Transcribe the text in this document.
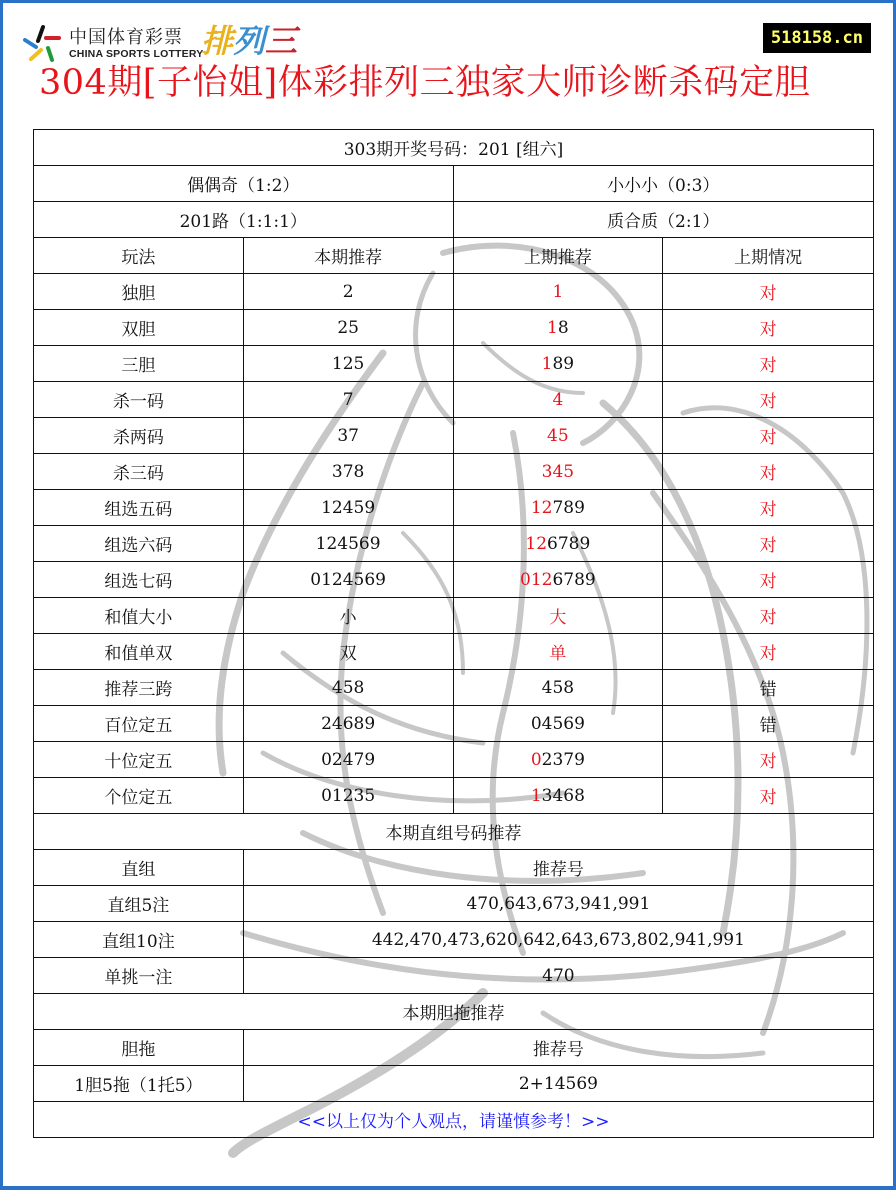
中国体育彩票
CHINA SPORTS LOTTERY
排列三	518158.cn
304期[子怡姐]体彩排列三独家大师诊断杀码定胆
303期开奖号码：201 [组六]			
偶偶奇（1:2）		小小小（0:3）	
201路（1:1:1）		质合质（2:1）	
玩法	本期推荐	上期推荐	上期情况
独胆	2	1	对
双胆	25	18	对
三胆	125	189	对
杀一码	7	4	对
杀两码	37	45	对
杀三码	378	345	对
组选五码	12459	12789	对
组选六码	124569	126789	对
组选七码	0124569	0126789	对
和值大小	小	大	对
和值单双	双	单	对
推荐三跨	458	458	错
百位定五	24689	04569	错
十位定五	02479	02379	对
个位定五	01235	13468	对
本期直组号码推荐			
直组	推荐号		
直组5注	470,643,673,941,991		
直组10注	442,470,473,620,642,643,673,802,941,991		
单挑一注	470		
本期胆拖推荐			
胆拖	推荐号		
1胆5拖（1托5）	2+14569		
<<以上仅为个人观点，请谨慎参考！>>			
